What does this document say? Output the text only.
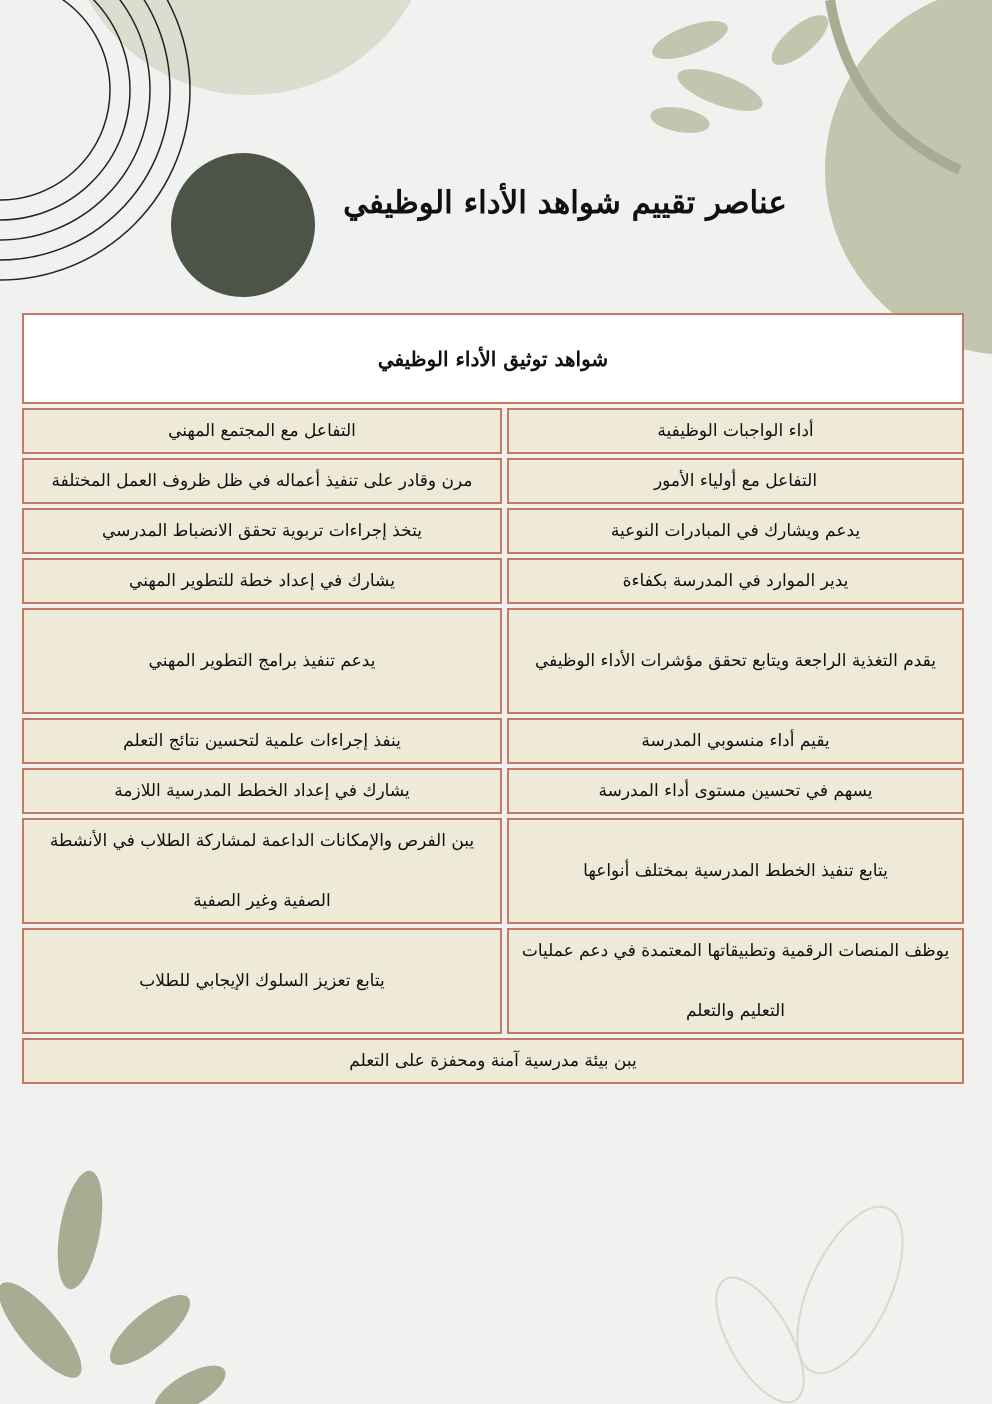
عناصر تقييم شواهد الأداء الوظيفي
شواهد توثيق الأداء الوظيفي
أداء الواجبات الوظيفية
التفاعل مع المجتمع المهني
التفاعل مع أولياء الأمور
مرن وقادر على تنفيذ أعماله في ظل ظروف العمل المختلفة
يدعم ويشارك في المبادرات النوعية
يتخذ إجراءات تربوية تحقق الانضباط المدرسي
يدير الموارد في المدرسة بكفاءة
يشارك في إعداد خطة للتطوير المهني
يقدم التغذية الراجعة ويتابع تحقق مؤشرات الأداء الوظيفي
يدعم تنفيذ برامج التطوير المهني
يقيم أداء منسوبي المدرسة
ينفذ إجراءات علمية لتحسين نتائج التعلم
يسهم في تحسين مستوى أداء المدرسة
يشارك في إعداد الخطط المدرسية اللازمة
يتابع تنفيذ الخطط المدرسية بمختلف أنواعها
يبن الفرص والإمكانات الداعمة لمشاركة الطلاب في الأنشطة الصفية وغير الصفية
يوظف المنصات الرقمية وتطبيقاتها المعتمدة في دعم عمليات التعليم والتعلم
يتابع تعزيز السلوك الإيجابي للطلاب
يبن بيئة مدرسية آمنة ومحفزة على التعلم
